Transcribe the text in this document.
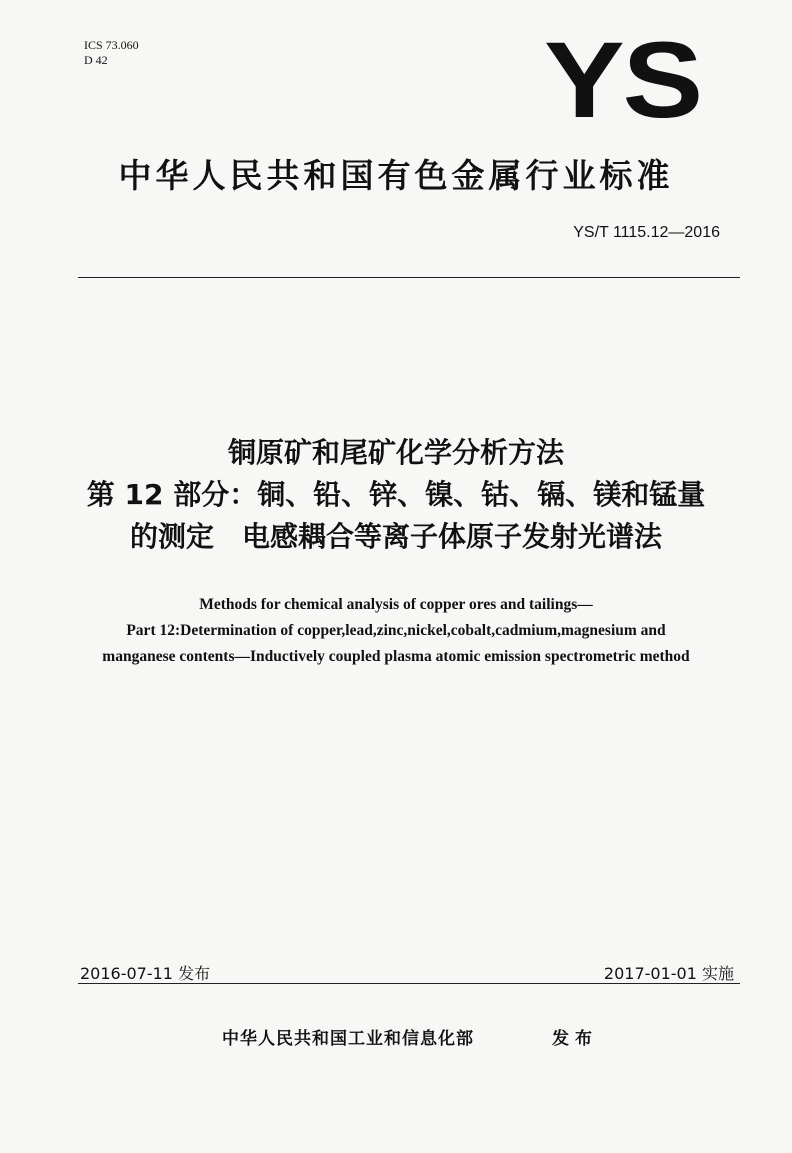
ICS 73.060
D 42	YS
中华人民共和国有色金属行业标准
YS/T 1115.12—2016
铜原矿和尾矿化学分析方法
第 12 部分：铜、铅、锌、镍、钴、镉、镁和锰量
的测定　电感耦合等离子体原子发射光谱法
Methods for chemical analysis of copper ores and tailings—
Part 12:Determination of copper,lead,zinc,nickel,cobalt,cadmium,magnesium and
manganese contents—Inductively coupled plasma atomic emission spectrometric method
2016-07-11 发布	2017-01-01 实施
中华人民共和国工业和信息化部	发布
